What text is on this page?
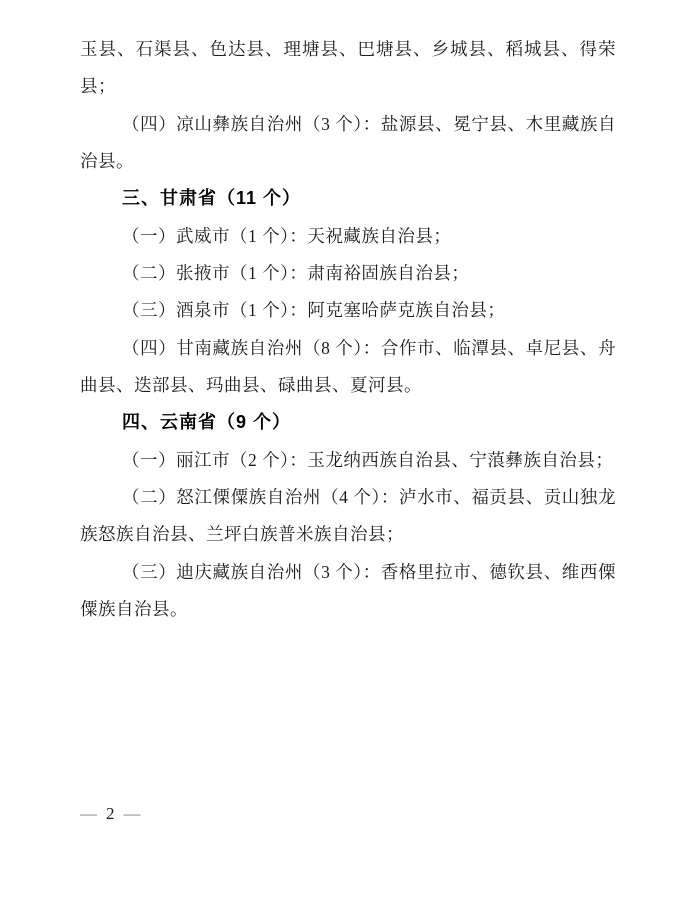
玉县、石渠县、色达县、理塘县、巴塘县、乡城县、稻城县、得荣
县；
（四）凉山彝族自治州（3 个）：盐源县、冕宁县、木里藏族自
治县。
三、甘肃省（11 个）
（一）武威市（1 个）：天祝藏族自治县；
（二）张掖市（1 个）：肃南裕固族自治县；
（三）酒泉市（1 个）：阿克塞哈萨克族自治县；
（四）甘南藏族自治州（8 个）：合作市、临潭县、卓尼县、舟
曲县、迭部县、玛曲县、碌曲县、夏河县。
四、云南省（9 个）
（一）丽江市（2 个）：玉龙纳西族自治县、宁蒗彝族自治县；
（二）怒江傈僳族自治州（4 个）：泸水市、福贡县、贡山独龙
族怒族自治县、兰坪白族普米族自治县；
（三）迪庆藏族自治州（3 个）：香格里拉市、德钦县、维西傈
僳族自治县。
— 2 —
